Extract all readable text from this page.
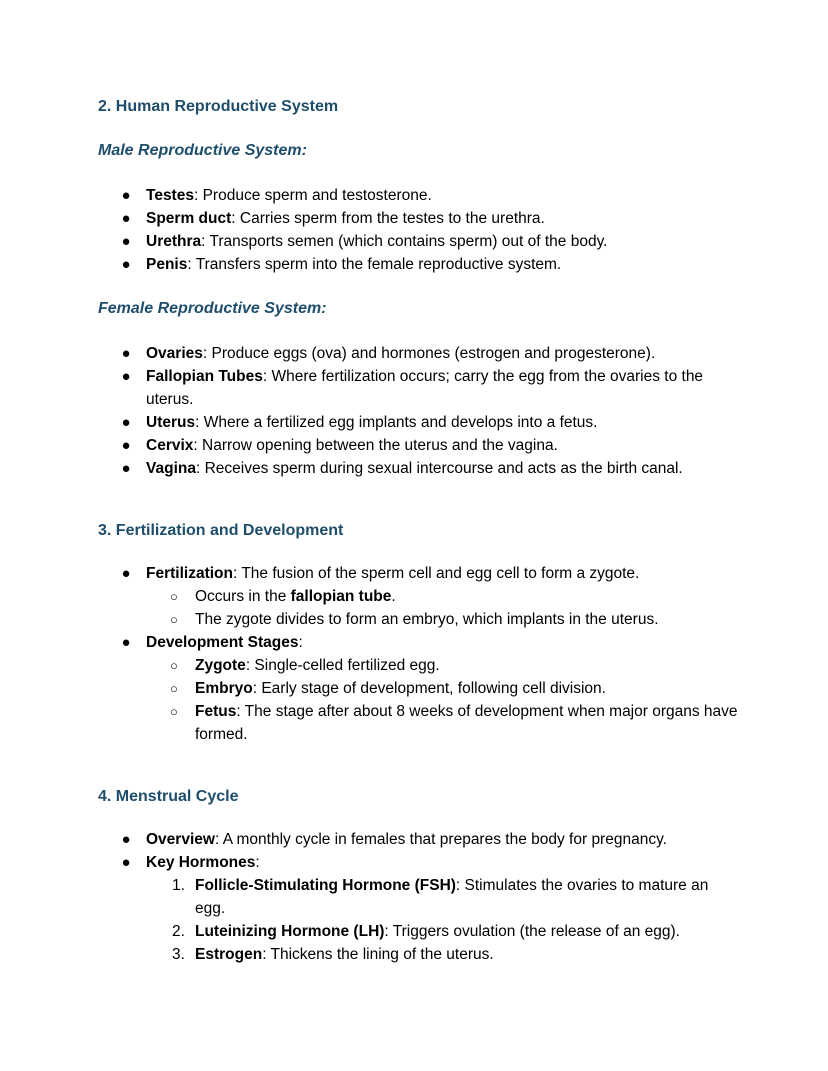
2. Human Reproductive System
Male Reproductive System:
● Testes: Produce sperm and testosterone.
● Sperm duct: Carries sperm from the testes to the urethra.
● Urethra: Transports semen (which contains sperm) out of the body.
● Penis: Transfers sperm into the female reproductive system.
Female Reproductive System:
● Ovaries: Produce eggs (ova) and hormones (estrogen and progesterone).
● Fallopian Tubes: Where fertilization occurs; carry the egg from the ovaries to the uterus.
● Uterus: Where a fertilized egg implants and develops into a fetus.
● Cervix: Narrow opening between the uterus and the vagina.
● Vagina: Receives sperm during sexual intercourse and acts as the birth canal.
3. Fertilization and Development
● Fertilization: The fusion of the sperm cell and egg cell to form a zygote.
○ Occurs in the fallopian tube.
○ The zygote divides to form an embryo, which implants in the uterus.
● Development Stages:
○ Zygote: Single-celled fertilized egg.
○ Embryo: Early stage of development, following cell division.
○ Fetus: The stage after about 8 weeks of development when major organs have formed.
4. Menstrual Cycle
● Overview: A monthly cycle in females that prepares the body for pregnancy.
● Key Hormones:
1. Follicle-Stimulating Hormone (FSH): Stimulates the ovaries to mature an egg.
2. Luteinizing Hormone (LH): Triggers ovulation (the release of an egg).
3. Estrogen: Thickens the lining of the uterus.
